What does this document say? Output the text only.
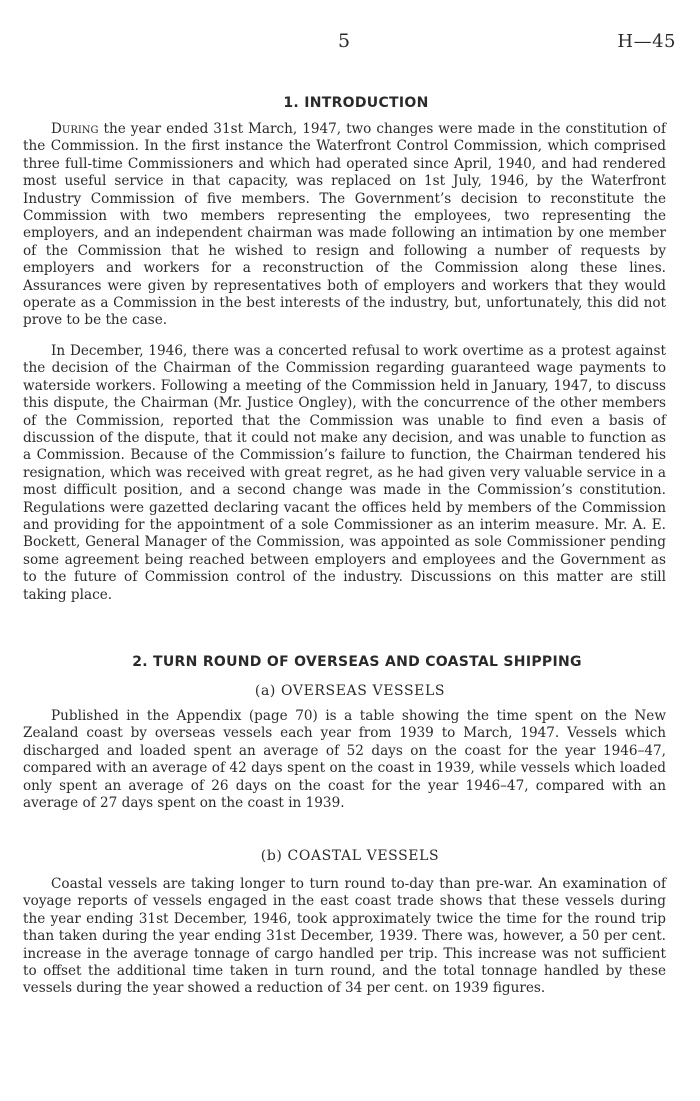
5	H—45
1. INTRODUCTION

During the year ended 31st March, 1947, two changes were made in the constitution of the Commission. In the first instance the Waterfront Control Commission, which comprised three full-time Commissioners and which had operated since April, 1940, and had rendered most useful service in that capacity, was replaced on 1st July, 1946, by the Waterfront Industry Commission of five members. The Government’s decision to reconstitute the Commission with two members representing the employees, two representing the employers, and an independent chairman was made following an intimation by one member of the Commission that he wished to resign and following a number of requests by employers and workers for a reconstruction of the Commission along these lines. Assurances were given by representatives both of employers and workers that they would operate as a Commission in the best interests of the industry, but, unfortunately, this did not prove to be the case.

In December, 1946, there was a concerted refusal to work overtime as a protest against the decision of the Chairman of the Commission regarding guaranteed wage payments to waterside workers. Following a meeting of the Commission held in January, 1947, to discuss this dispute, the Chairman (Mr. Justice Ongley), with the concurrence of the other members of the Commission, reported that the Commission was unable to find even a basis of discussion of the dispute, that it could not make any decision, and was unable to function as a Commission. Because of the Commission’s failure to function, the Chairman tendered his resignation, which was received with great regret, as he had given very valuable service in a most difficult position, and a second change was made in the Commission’s constitution. Regulations were gazetted declaring vacant the offices held by members of the Commission and providing for the appointment of a sole Commissioner as an interim measure. Mr. A. E. Bockett, General Manager of the Commission, was appointed as sole Commissioner pending some agreement being reached between employers and employees and the Government as to the future of Commission control of the industry. Discussions on this matter are still taking place.

2. TURN ROUND OF OVERSEAS AND COASTAL SHIPPING
(a) OVERSEAS VESSELS

Published in the Appendix (page 70) is a table showing the time spent on the New Zealand coast by overseas vessels each year from 1939 to March, 1947. Vessels which discharged and loaded spent an average of 52 days on the coast for the year 1946–47, compared with an average of 42 days spent on the coast in 1939, while vessels which loaded only spent an average of 26 days on the coast for the year 1946–47, compared with an average of 27 days spent on the coast in 1939.

(b) COASTAL VESSELS

Coastal vessels are taking longer to turn round to-day than pre-war. An examination of voyage reports of vessels engaged in the east coast trade shows that these vessels during the year ending 31st December, 1946, took approximately twice the time for the round trip than taken during the year ending 31st December, 1939. There was, however, a 50 per cent. increase in the average tonnage of cargo handled per trip. This increase was not sufficient to offset the additional time taken in turn round, and the total tonnage handled by these vessels during the year showed a reduction of 34 per cent. on 1939 figures.
